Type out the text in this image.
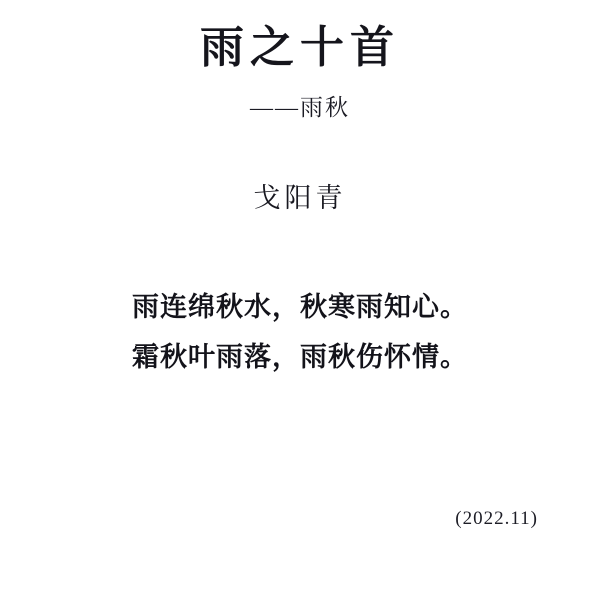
雨之十首
——雨秋
戈阳青
雨连绵秋水，秋寒雨知心。
霜秋叶雨落，雨秋伤怀情。
(2022.11)
